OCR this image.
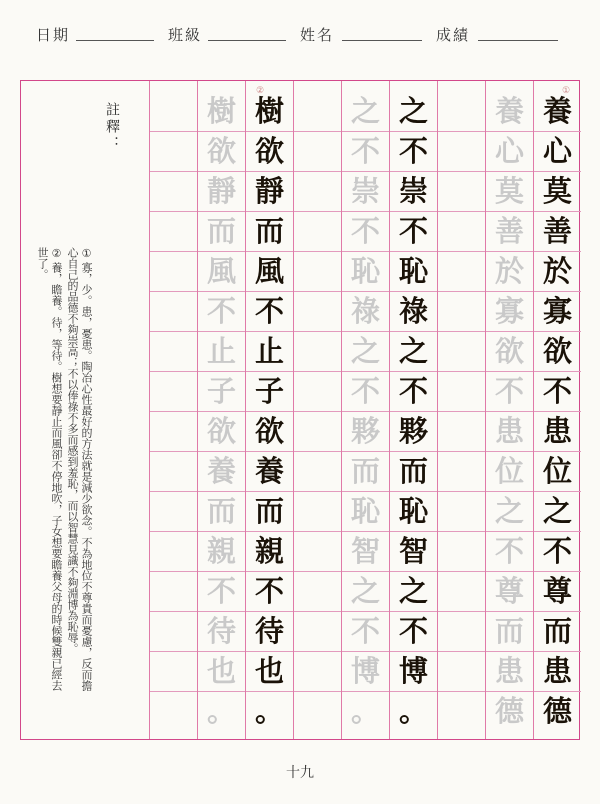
日期	班級	姓名	成績
養
心
莫
善
於
寡
欲
不
患
位
之
不
尊
而
患
德
養
心
莫
善
於
寡
欲
不
患
位
之
不
尊
而
患
德
之
不
崇
不
恥
祿
之
不
夥
而
恥
智
之
不
博
。
之
不
崇
不
恥
祿
之
不
夥
而
恥
智
之
不
博
。
樹
欲
靜
而
風
不
止
子
欲
養
而
親
不
待
也
。
樹
欲
靜
而
風
不
止
子
欲
養
而
親
不
待
也
。
註釋：
①
寡，少。患，憂患。陶冶心性最好的方法就是減少欲念。不為地位不尊貴而憂慮，反而擔
心自己的品德不夠崇高；不以俸祿不多而感到羞恥，而以智慧見識不夠淵博為恥辱。
②
養，瞻養。待，等待。樹想要靜止而風卻不停地吹，子女想要瞻養父母的時候雙親已經去
世了。
①
②
十九
